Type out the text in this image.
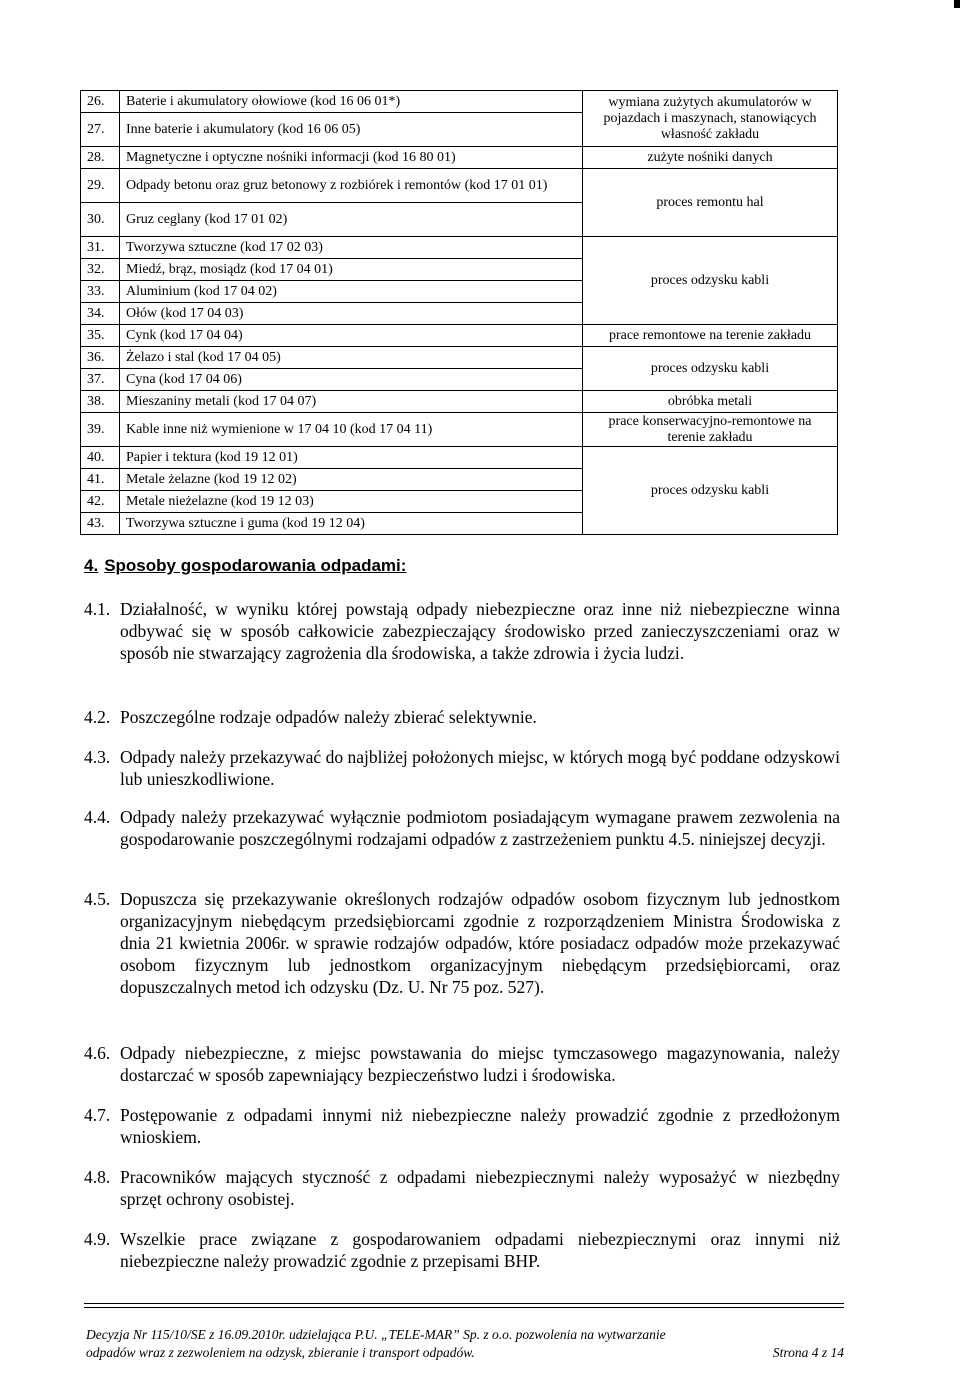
26.	Baterie i akumulatory ołowiowe (kod 16 06 01*)	wymiana zużytych akumulatorów w pojazdach i maszynach, stanowiących własność zakładu
27.	Inne baterie i akumulatory (kod 16 06 05)	
28.	Magnetyczne i optyczne nośniki informacji (kod 16 80 01)	zużyte nośniki danych
29.	Odpady betonu oraz gruz betonowy z rozbiórek i remontów (kod 17 01 01)	proces remontu hal
30.	Gruz ceglany (kod 17 01 02)	
31.	Tworzywa sztuczne (kod 17 02 03)	proces odzysku kabli
32.	Miedź, brąz, mosiądz (kod 17 04 01)	
33.	Aluminium (kod 17 04 02)	
34.	Ołów (kod 17 04 03)	
35.	Cynk (kod 17 04 04)	prace remontowe na terenie zakładu
36.	Żelazo i stal (kod 17 04 05)	proces odzysku kabli
37.	Cyna (kod 17 04 06)	
38.	Mieszaniny metali (kod 17 04 07)	obróbka metali
39.	Kable inne niż wymienione w 17 04 10 (kod 17 04 11)	prace konserwacyjno-remontowe na terenie zakładu
40.	Papier i tektura (kod 19 12 01)	proces odzysku kabli
41.	Metale żelazne (kod 19 12 02)	
42.	Metale nieżelazne (kod 19 12 03)	
43.	Tworzywa sztuczne i guma (kod 19 12 04)	
4. Sposoby gospodarowania odpadami:
4.1. Działalność, w wyniku której powstają odpady niebezpieczne oraz inne niż niebezpieczne winna odbywać się w sposób całkowicie zabezpieczający środowisko przed zanieczyszczeniami oraz w sposób nie stwarzający zagrożenia dla środowiska, a także zdrowia i życia ludzi.
4.2. Poszczególne rodzaje odpadów należy zbierać selektywnie.
4.3. Odpady należy przekazywać do najbliżej położonych miejsc, w których mogą być poddane odzyskowi lub unieszkodliwione.
4.4. Odpady należy przekazywać wyłącznie podmiotom posiadającym wymagane prawem zezwolenia na gospodarowanie poszczególnymi rodzajami odpadów z zastrzeżeniem punktu 4.5. niniejszej decyzji.
4.5. Dopuszcza się przekazywanie określonych rodzajów odpadów osobom fizycznym lub jednostkom organizacyjnym niebędącym przedsiębiorcami zgodnie z rozporządzeniem Ministra Środowiska z dnia 21 kwietnia 2006r. w sprawie rodzajów odpadów, które posiadacz odpadów może przekazywać osobom fizycznym lub jednostkom organizacyjnym niebędącym przedsiębiorcami, oraz dopuszczalnych metod ich odzysku (Dz. U. Nr 75 poz. 527).
4.6. Odpady niebezpieczne, z miejsc powstawania do miejsc tymczasowego magazynowania, należy dostarczać w sposób zapewniający bezpieczeństwo ludzi i środowiska.
4.7. Postępowanie z odpadami innymi niż niebezpieczne należy prowadzić zgodnie z przedłożonym wnioskiem.
4.8. Pracowników mających styczność z odpadami niebezpiecznymi należy wyposażyć w niezbędny sprzęt ochrony osobistej.
4.9. Wszelkie prace związane z gospodarowaniem odpadami niebezpiecznymi oraz innymi niż niebezpieczne należy prowadzić zgodnie z przepisami BHP.
Decyzja Nr 115/10/SE z 16.09.2010r. udzielająca P.U. „TELE-MAR” Sp. z o.o. pozwolenia na wytwarzanie
odpadów wraz z zezwoleniem na odzysk, zbieranie i transport odpadów.	Strona 4 z 14
